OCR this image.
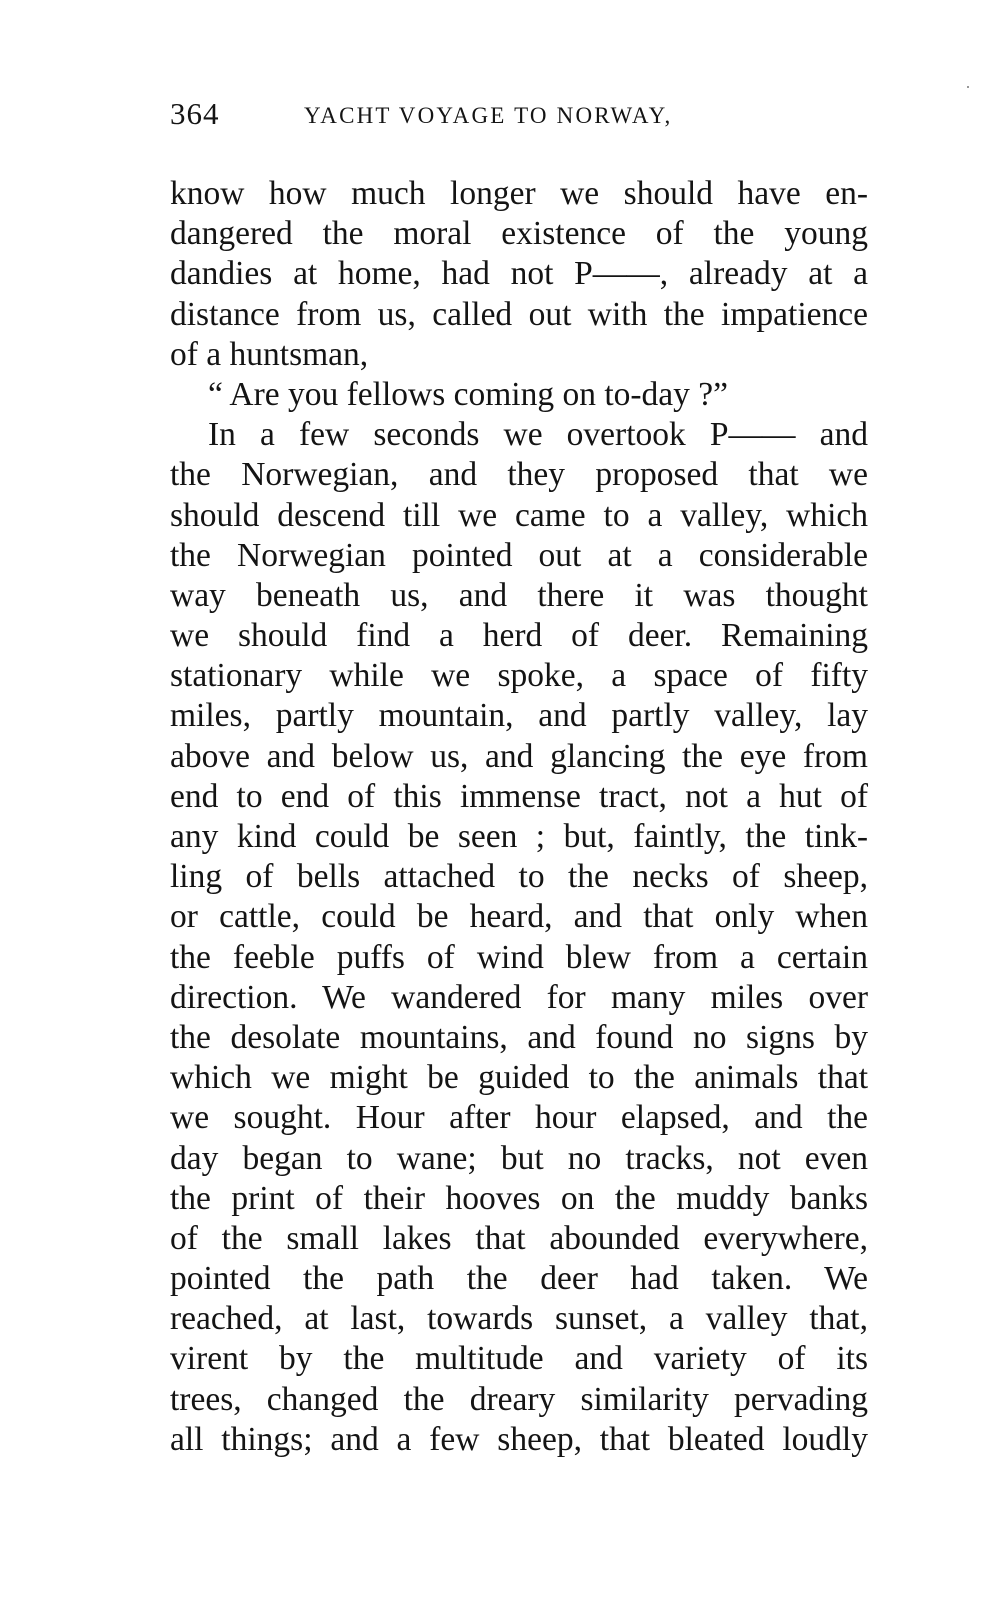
364	YACHT VOYAGE TO NORWAY,
know how much longer we should have en-
dangered the moral existence of the young
dandies at home, had not P——, already at a
distance from us, called out with the impatience
of a huntsman,
“ Are you fellows coming on to-day ?”
In a few seconds we overtook P—— and
the Norwegian, and they proposed that we
should descend till we came to a valley, which
the Norwegian pointed out at a considerable
way beneath us, and there it was thought
we should find a herd of deer. Remaining
stationary while we spoke, a space of fifty
miles, partly mountain, and partly valley, lay
above and below us, and glancing the eye from
end to end of this immense tract, not a hut of
any kind could be seen ; but, faintly, the tink-
ling of bells attached to the necks of sheep,
or cattle, could be heard, and that only when
the feeble puffs of wind blew from a certain
direction. We wandered for many miles over
the desolate mountains, and found no signs by
which we might be guided to the animals that
we sought. Hour after hour elapsed, and the
day began to wane; but no tracks, not even
the print of their hooves on the muddy banks
of the small lakes that abounded everywhere,
pointed the path the deer had taken. We
reached, at last, towards sunset, a valley that,
virent by the multitude and variety of its
trees, changed the dreary similarity pervading
all things; and a few sheep, that bleated loudly
